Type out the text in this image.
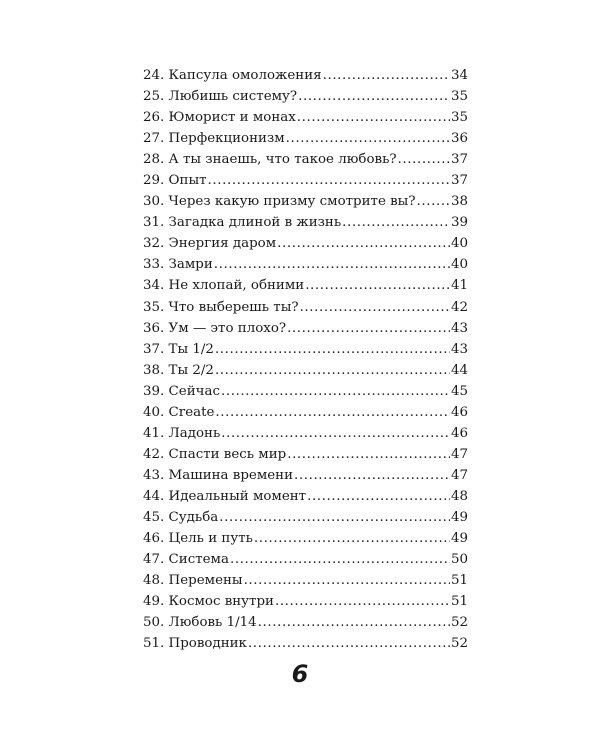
24. Капсула омоложения .....	34
25. Любишь систему? .....	35
26. Юморист и монах .....	35
27. Перфекционизм .....	36
28. А ты знаешь, что такое любовь? .....	37
29. Опыт .....	37
30. Через какую призму смотрите вы? .....	38
31. Загадка длиной в жизнь .....	39
32. Энергия даром .....	40
33. Замри .....	40
34. Не хлопай, обними .....	41
35. Что выберешь ты? .....	42
36. Ум — это плохо? .....	43
37. Ты 1/2 .....	43
38. Ты 2/2 .....	44
39. Сейчас .....	45
40. Create .....	46
41. Ладонь .....	46
42. Спасти весь мир .....	47
43. Машина времени .....	47
44. Идеальный момент .....	48
45. Судьба .....	49
46. Цель и путь .....	49
47. Система .....	50
48. Перемены .....	51
49. Космос внутри .....	51
50. Любовь 1/14 .....	52
51. Проводник .....	52
6
